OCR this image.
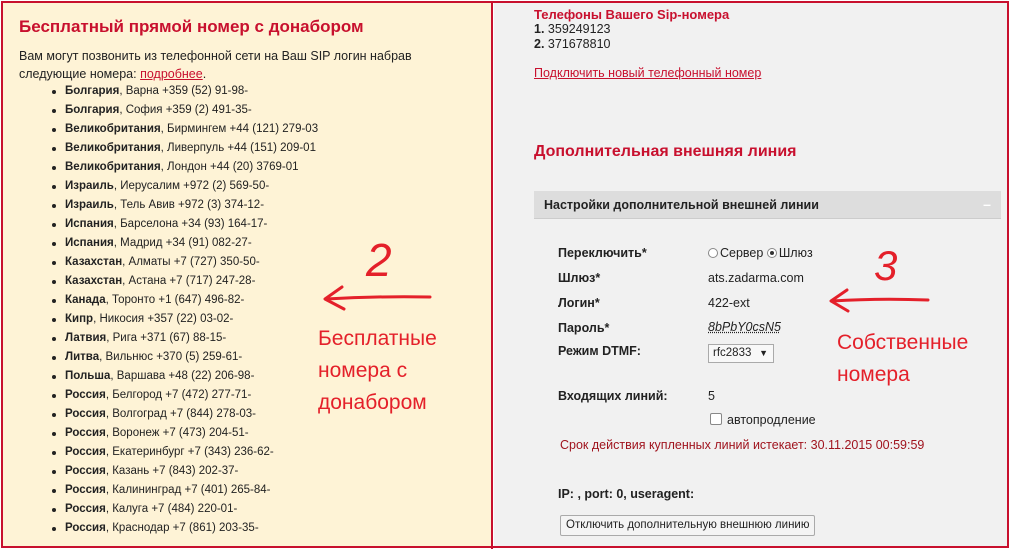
Бесплатный прямой номер с донабором

Вам могут позвонить из телефонной сети на Ваш SIP логин набрав следующие номера: подробнее.

Болгария, Варна +359 (52) 91-98-
Болгария, София +359 (2) 491-35-
Великобритания, Бирмингем +44 (121) 279-03
Великобритания, Ливерпуль +44 (151) 209-01
Великобритания, Лондон +44 (20) 3769-01
Израиль, Иерусалим +972 (2) 569-50-
Израиль, Тель Авив +972 (3) 374-12-
Испания, Барселона +34 (93) 164-17-
Испания, Мадрид +34 (91) 082-27-
Казахстан, Алматы +7 (727) 350-50-
Казахстан, Астана +7 (717) 247-28-
Канада, Торонто +1 (647) 496-82-
Кипр, Никосия +357 (22) 03-02-
Латвия, Рига +371 (67) 88-15-
Литва, Вильнюс +370 (5) 259-61-
Польша, Варшава +48 (22) 206-98-
Россия, Белгород +7 (472) 277-71-
Россия, Волгоград +7 (844) 278-03-
Россия, Воронеж +7 (473) 204-51-
Россия, Екатеринбург +7 (343) 236-62-
Россия, Казань +7 (843) 202-37-
Россия, Калининград +7 (401) 265-84-
Россия, Калуга +7 (484) 220-01-
Россия, Краснодар +7 (861) 203-35-
2
Бесплатные
номера с
донабором
Телефоны Вашего Sip-номера
1. 359249123
2. 371678810
Подключить новый телефонный номер
Дополнительная внешняя линия
Настройки дополнительной внешней линии	–
Переключить*	Сервер Шлюз
Шлюз*	ats.zadarma.com
Логин*	422-ext
Пароль*	8bPbY0csN5
Режим DTMF:	rfc2833 ▼
Входящих линий:	5
автопродление
Срок действия купленных линий истекает: 30.11.2015 00:59:59
IP: , port: 0, useragent:
Отключить дополнительную внешнюю линию
3
Собственные
номера
